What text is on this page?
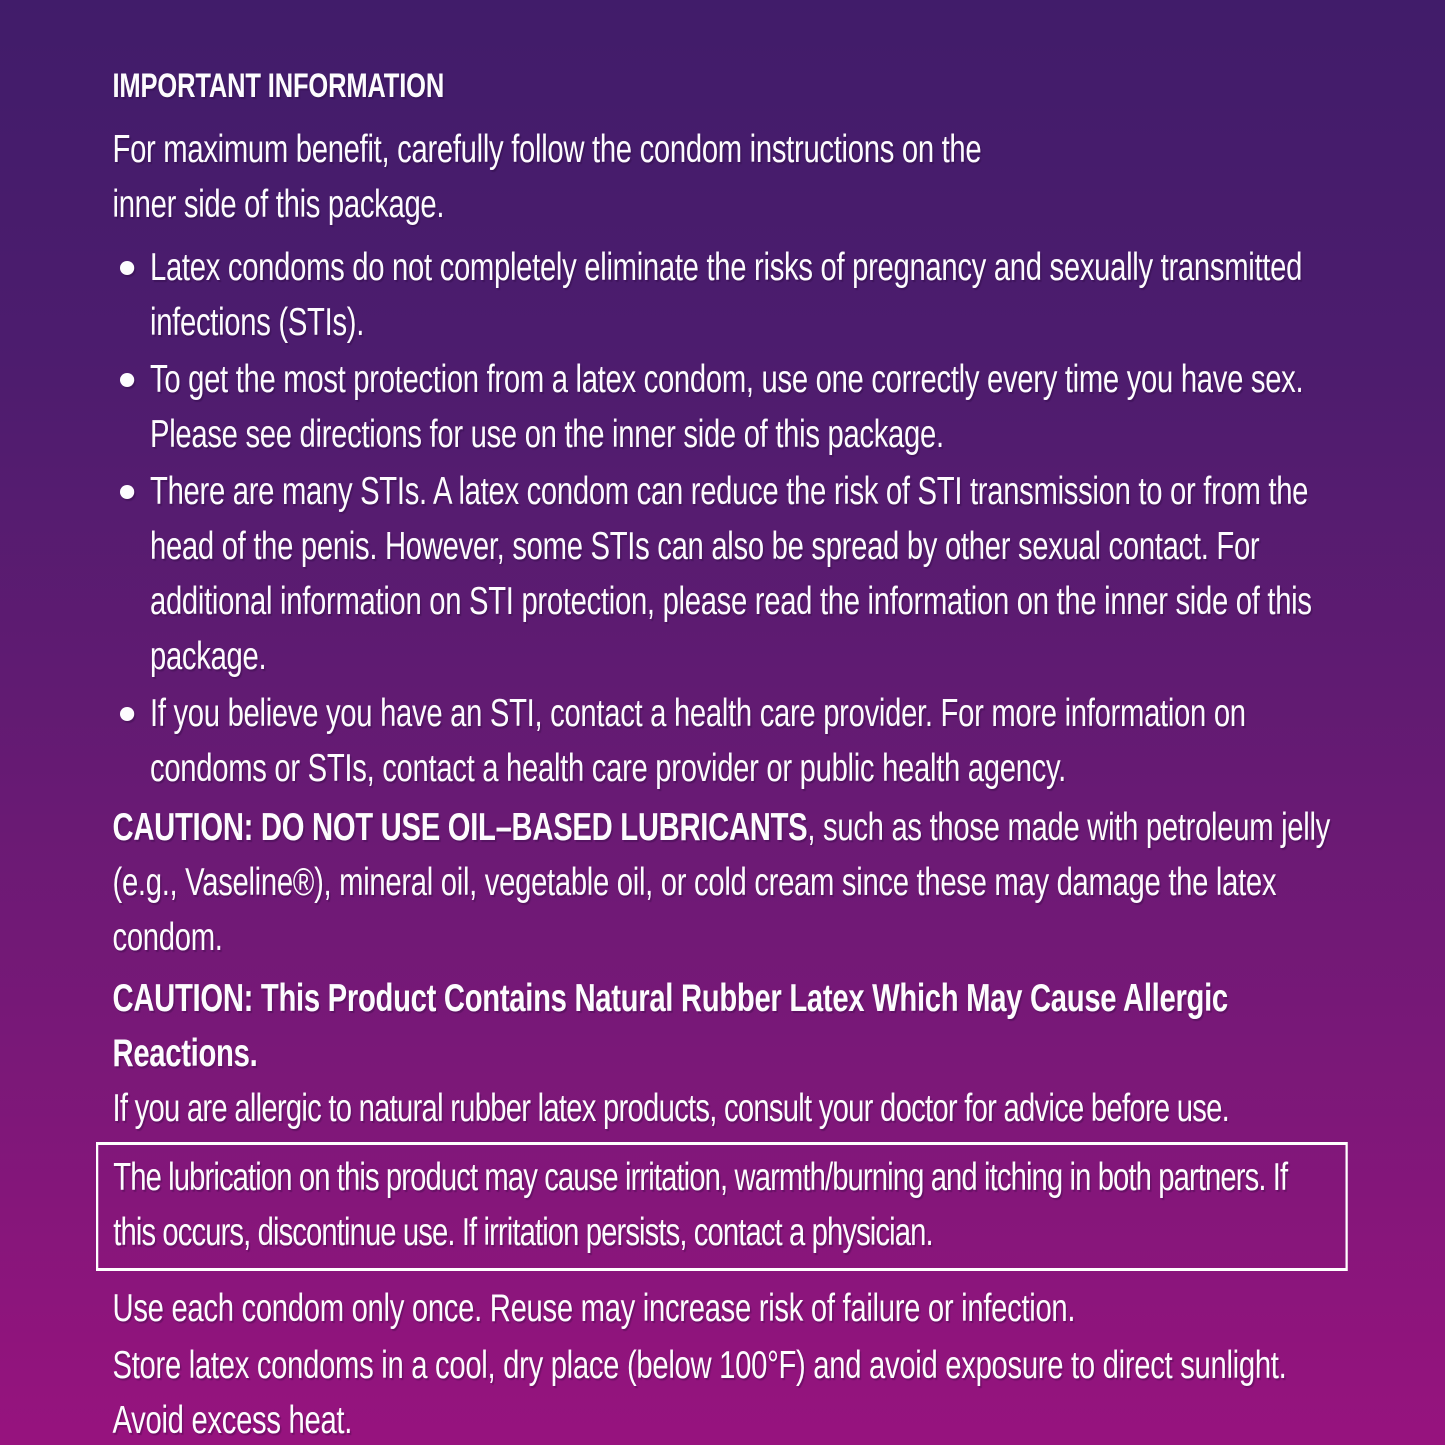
IMPORTANT INFORMATION

For maximum benefit, carefully follow the condom instructions on the
inner side of this package.

Latex condoms do not completely eliminate the risks of pregnancy and sexually transmitted infections (STIs).
To get the most protection from a latex condom, use one correctly every time you have sex. Please see directions for use on the inner side of this package.
There are many STIs. A latex condom can reduce the risk of STI transmission to or from the head of the penis. However, some STIs can also be spread by other sexual contact. For additional information on STI protection, please read the information on the inner side of this package.
If you believe you have an STI, contact a health care provider. For more information on condoms or STIs, contact a health care provider or public health agency.

CAUTION: DO NOT USE OIL–BASED LUBRICANTS, such as those made with petroleum jelly (e.g., Vaseline®), mineral oil, vegetable oil, or cold cream since these may damage the latex condom.

CAUTION: This Product Contains Natural Rubber Latex Which May Cause Allergic Reactions.
If you are allergic to natural rubber latex products, consult your doctor for advice before use.

The lubrication on this product may cause irritation, warmth/burning and itching in both partners. If this occurs, discontinue use. If irritation persists, contact a physician.

Use each condom only once. Reuse may increase risk of failure or infection.

Store latex condoms in a cool, dry place (below 100°F) and avoid exposure to direct sunlight. Avoid excess heat.
